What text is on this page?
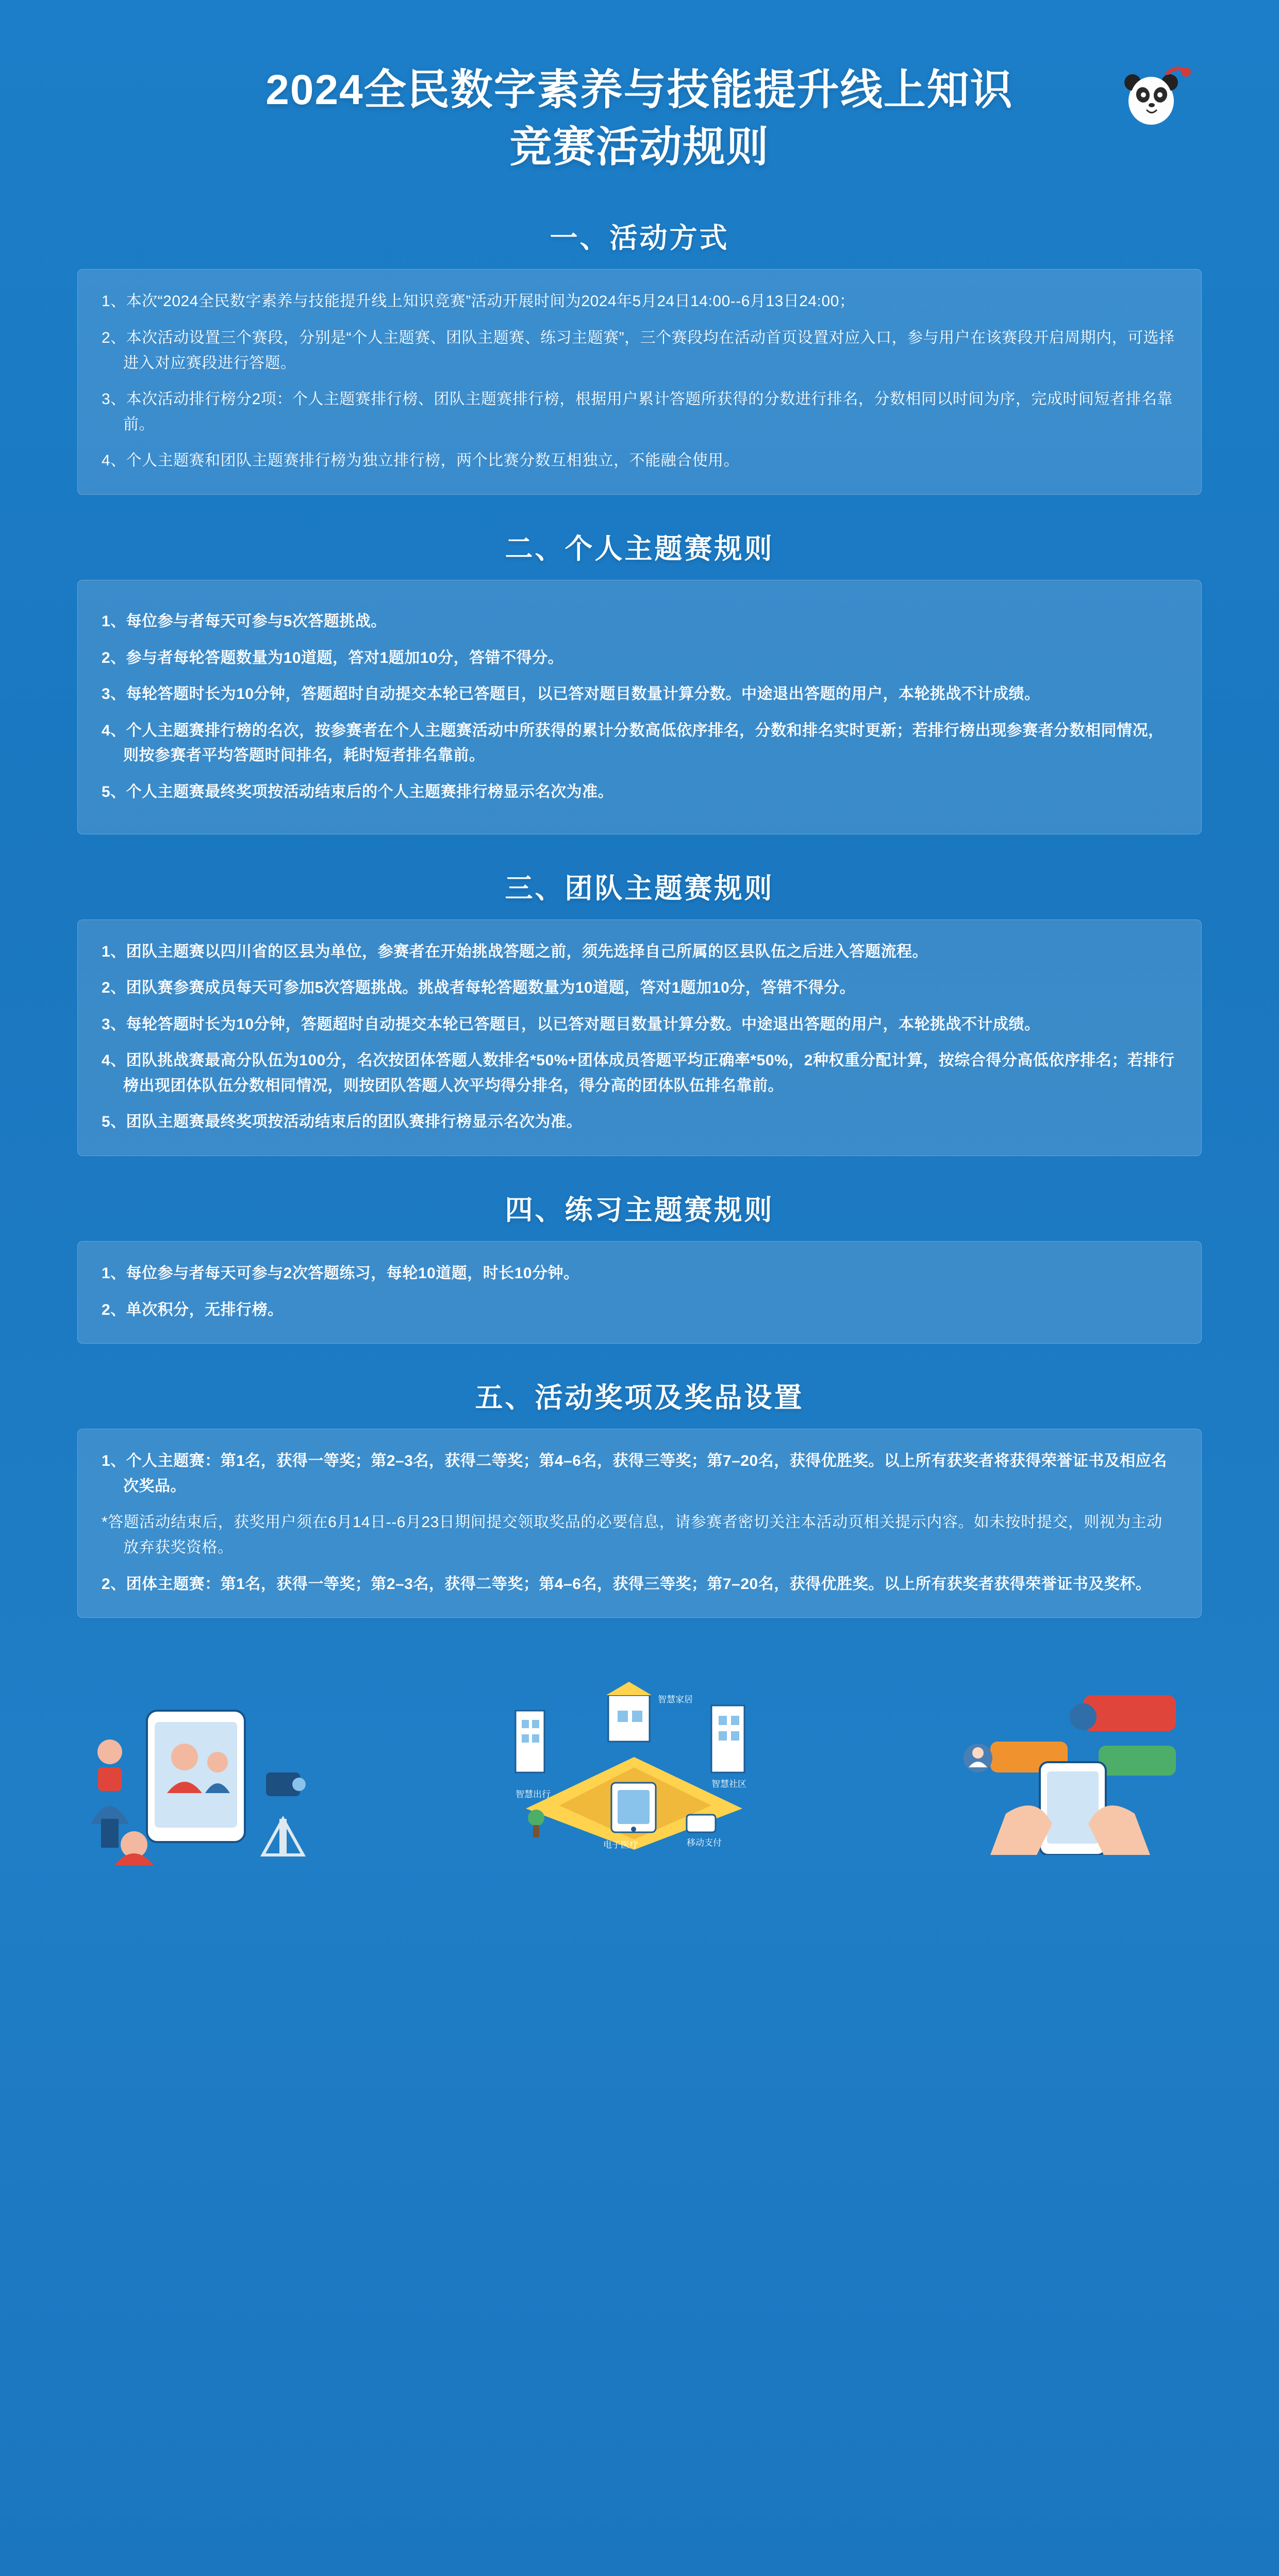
2024全民数字素养与技能提升线上知识
竞赛活动规则
一、活动方式

1、本次“2024全民数字素养与技能提升线上知识竞赛”活动开展时间为2024年5月24日14:00--6月13日24:00；

2、本次活动设置三个赛段，分别是“个人主题赛、团队主题赛、练习主题赛”，三个赛段均在活动首页设置对应入口，参与用户在该赛段开启周期内，可选择进入对应赛段进行答题。

3、本次活动排行榜分2项：个人主题赛排行榜、团队主题赛排行榜，根据用户累计答题所获得的分数进行排名，分数相同以时间为序，完成时间短者排名靠前。

4、个人主题赛和团队主题赛排行榜为独立排行榜，两个比赛分数互相独立，不能融合使用。

二、个人主题赛规则

1、每位参与者每天可参与5次答题挑战。

2、参与者每轮答题数量为10道题，答对1题加10分，答错不得分。

3、每轮答题时长为10分钟，答题超时自动提交本轮已答题目，以已答对题目数量计算分数。中途退出答题的用户，本轮挑战不计成绩。

4、个人主题赛排行榜的名次，按参赛者在个人主题赛活动中所获得的累计分数高低依序排名，分数和排名实时更新；若排行榜出现参赛者分数相同情况，则按参赛者平均答题时间排名，耗时短者排名靠前。

5、个人主题赛最终奖项按活动结束后的个人主题赛排行榜显示名次为准。

三、团队主题赛规则

1、团队主题赛以四川省的区县为单位，参赛者在开始挑战答题之前，须先选择自己所属的区县队伍之后进入答题流程。

2、团队赛参赛成员每天可参加5次答题挑战。挑战者每轮答题数量为10道题，答对1题加10分，答错不得分。

3、每轮答题时长为10分钟，答题超时自动提交本轮已答题目，以已答对题目数量计算分数。中途退出答题的用户，本轮挑战不计成绩。

4、团队挑战赛最高分队伍为100分，名次按团体答题人数排名*50%+团体成员答题平均正确率*50%，2种权重分配计算，按综合得分高低依序排名；若排行榜出现团体队伍分数相同情况，则按团队答题人次平均得分排名，得分高的团体队伍排名靠前。

5、团队主题赛最终奖项按活动结束后的团队赛排行榜显示名次为准。

四、练习主题赛规则

1、每位参与者每天可参与2次答题练习，每轮10道题，时长10分钟。

2、单次积分，无排行榜。

五、活动奖项及奖品设置

1、个人主题赛：第1名，获得一等奖；第2–3名，获得二等奖；第4–6名，获得三等奖；第7–20名，获得优胜奖。以上所有获奖者将获得荣誉证书及相应名次奖品。

*答题活动结束后，获奖用户须在6月14日--6月23日期间提交领取奖品的必要信息，请参赛者密切关注本活动页相关提示内容。如未按时提交，则视为主动放弃获奖资格。

2、团体主题赛：第1名，获得一等奖；第2–3名，获得二等奖；第4–6名，获得三等奖；第7–20名，获得优胜奖。以上所有获奖者获得荣誉证书及奖杯。

智慧家居
智慧社区
电子医疗
智慧出行
移动支付
